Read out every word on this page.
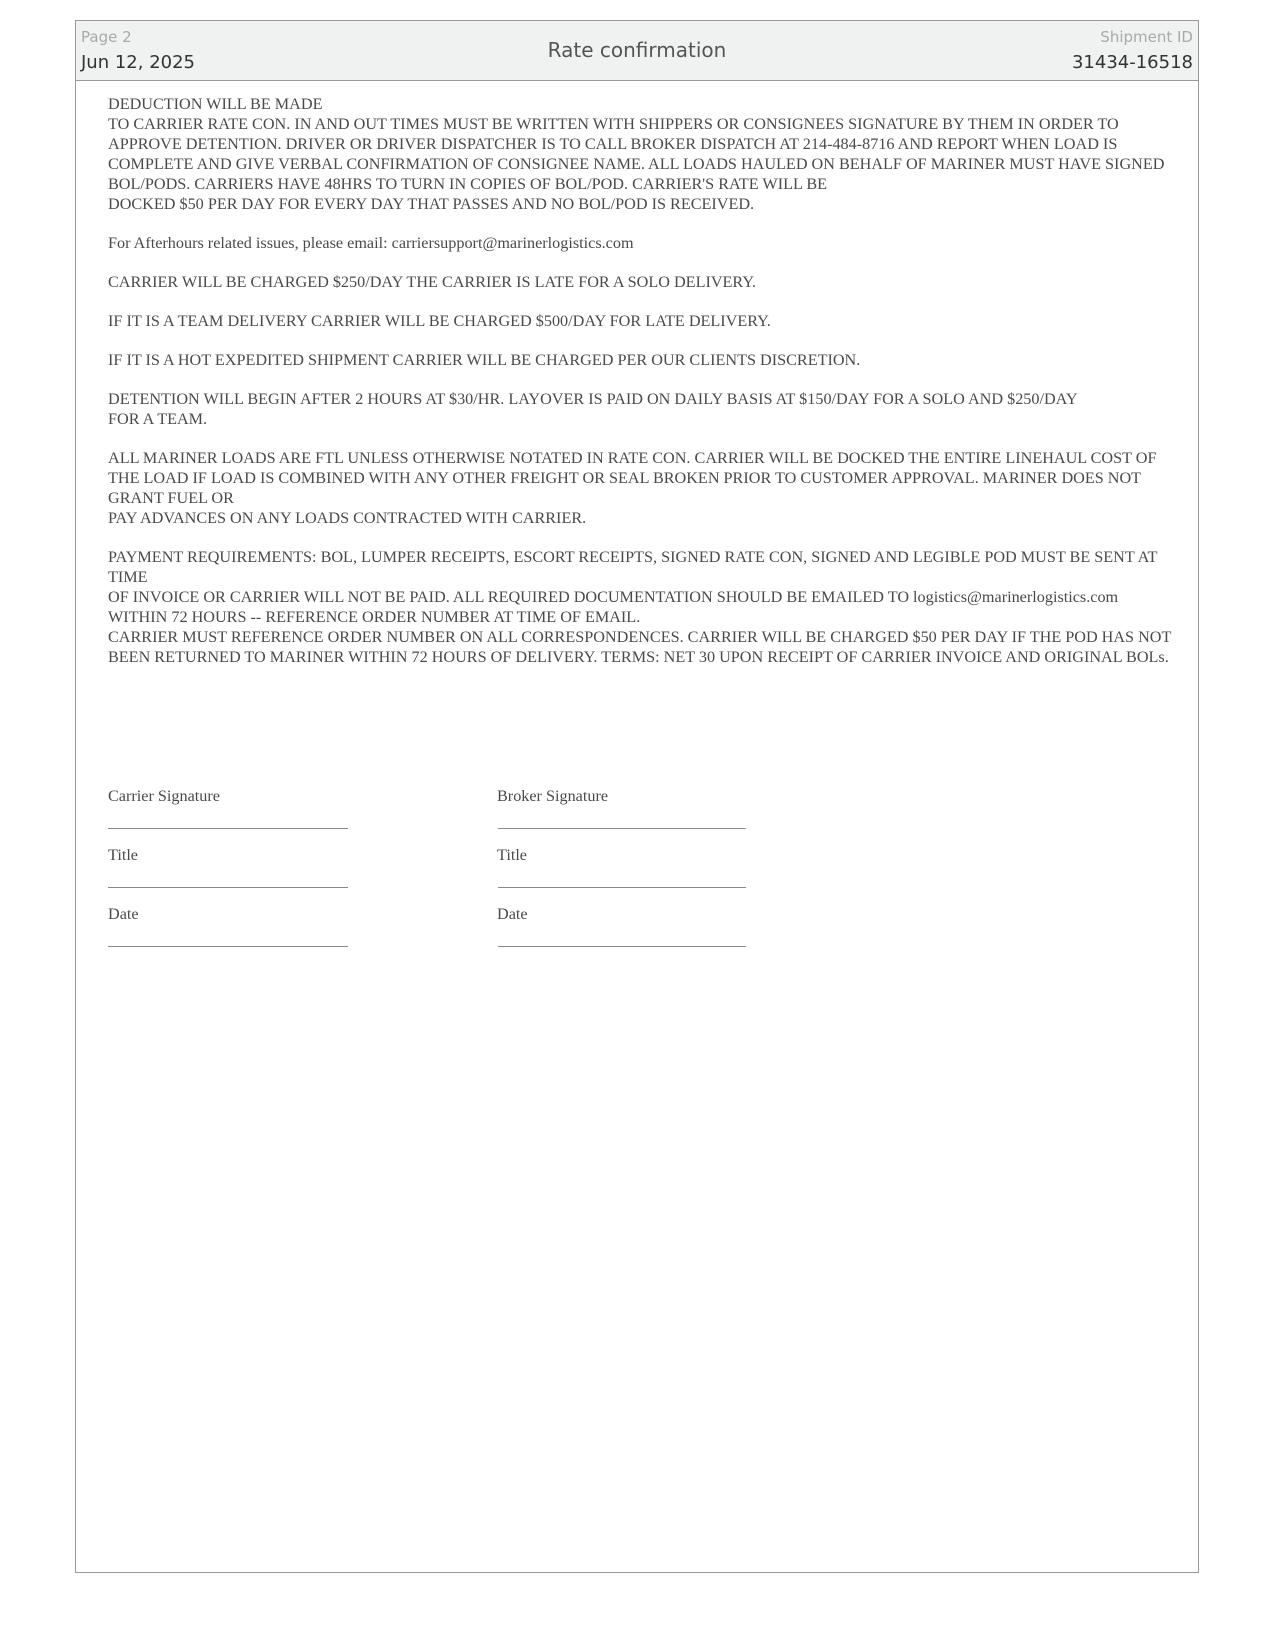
Page 2
Jun 12, 2025
Rate confirmation
Shipment ID
31434-16518

DEDUCTION WILL BE MADE
TO CARRIER RATE CON. IN AND OUT TIMES MUST BE WRITTEN WITH SHIPPERS OR CONSIGNEES SIGNATURE BY THEM IN ORDER TO APPROVE DETENTION. DRIVER OR DRIVER DISPATCHER IS TO CALL BROKER DISPATCH AT 214-484-8716 AND REPORT WHEN LOAD IS COMPLETE AND GIVE VERBAL CONFIRMATION OF CONSIGNEE NAME. ALL LOADS HAULED ON BEHALF OF MARINER MUST HAVE SIGNED BOL/PODS. CARRIERS HAVE 48HRS TO TURN IN COPIES OF BOL/POD. CARRIER'S RATE WILL BE
DOCKED $50 PER DAY FOR EVERY DAY THAT PASSES AND NO BOL/POD IS RECEIVED.

For Afterhours related issues, please email: carriersupport@marinerlogistics.com

CARRIER WILL BE CHARGED $250/DAY THE CARRIER IS LATE FOR A SOLO DELIVERY.

IF IT IS A TEAM DELIVERY CARRIER WILL BE CHARGED $500/DAY FOR LATE DELIVERY.

IF IT IS A HOT EXPEDITED SHIPMENT CARRIER WILL BE CHARGED PER OUR CLIENTS DISCRETION.

DETENTION WILL BEGIN AFTER 2 HOURS AT $30/HR. LAYOVER IS PAID ON DAILY BASIS AT $150/DAY FOR A SOLO AND $250/DAY
FOR A TEAM.

ALL MARINER LOADS ARE FTL UNLESS OTHERWISE NOTATED IN RATE CON. CARRIER WILL BE DOCKED THE ENTIRE LINEHAUL COST OF THE LOAD IF LOAD IS COMBINED WITH ANY OTHER FREIGHT OR SEAL BROKEN PRIOR TO CUSTOMER APPROVAL. MARINER DOES NOT GRANT FUEL OR
PAY ADVANCES ON ANY LOADS CONTRACTED WITH CARRIER.

PAYMENT REQUIREMENTS: BOL, LUMPER RECEIPTS, ESCORT RECEIPTS, SIGNED RATE CON, SIGNED AND LEGIBLE POD MUST BE SENT AT TIME
OF INVOICE OR CARRIER WILL NOT BE PAID. ALL REQUIRED DOCUMENTATION SHOULD BE EMAILED TO logistics@marinerlogistics.com WITHIN 72 HOURS -- REFERENCE ORDER NUMBER AT TIME OF EMAIL.
CARRIER MUST REFERENCE ORDER NUMBER ON ALL CORRESPONDENCES. CARRIER WILL BE CHARGED $50 PER DAY IF THE POD HAS NOT BEEN RETURNED TO MARINER WITHIN 72 HOURS OF DELIVERY. TERMS: NET 30 UPON RECEIPT OF CARRIER INVOICE AND ORIGINAL BOLs.

Carrier Signature
Title
Date
Broker Signature
Title
Date
